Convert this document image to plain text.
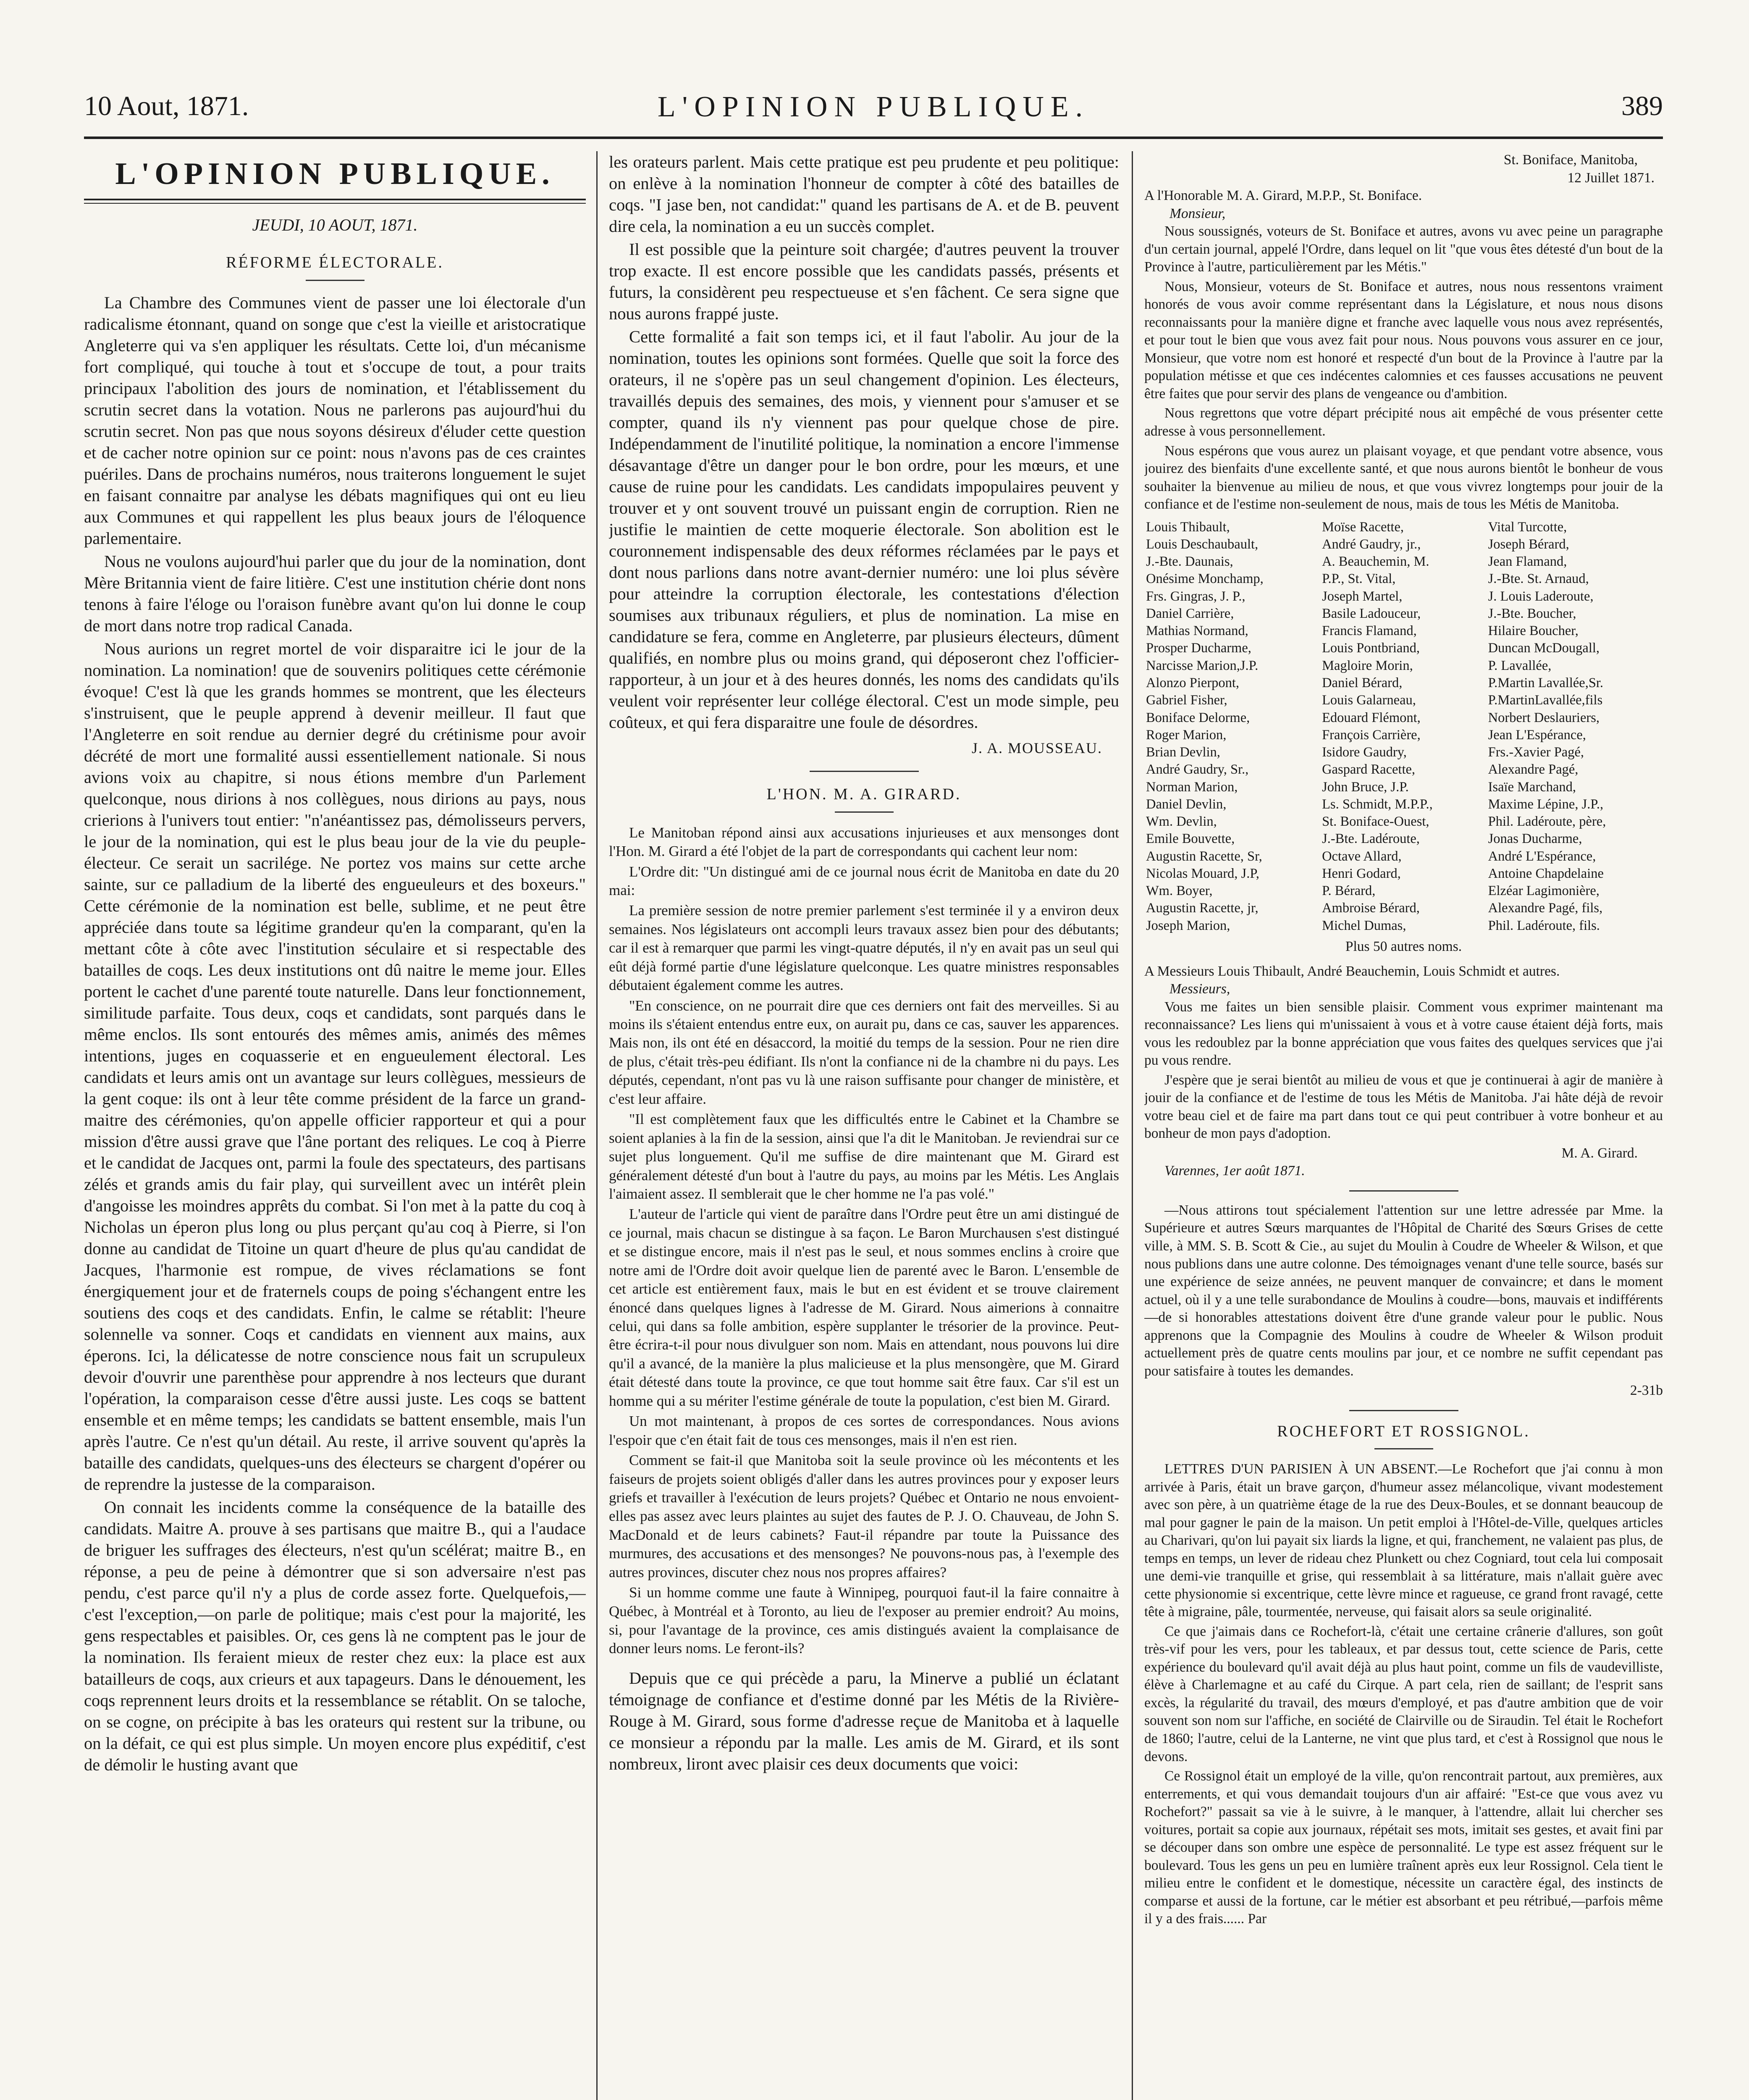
10 Aout, 1871.	L'OPINION PUBLIQUE.	389
L'OPINION PUBLIQUE.
JEUDI, 10 AOUT, 1871.
RÉFORME ÉLECTORALE.

La Chambre des Communes vient de passer une loi électorale d'un radicalisme étonnant, quand on songe que c'est la vieille et aristocratique Angleterre qui va s'en appliquer les résultats. Cette loi, d'un mécanisme fort compliqué, qui touche à tout et s'occupe de tout, a pour traits principaux l'abolition des jours de nomination, et l'établissement du scrutin secret dans la votation. Nous ne parlerons pas aujourd'hui du scrutin secret. Non pas que nous soyons désireux d'éluder cette question et de cacher notre opinion sur ce point: nous n'avons pas de ces craintes puériles. Dans de prochains numéros, nous traiterons longuement le sujet en faisant connaitre par analyse les débats magnifiques qui ont eu lieu aux Communes et qui rappellent les plus beaux jours de l'éloquence parlementaire.

Nous ne voulons aujourd'hui parler que du jour de la nomination, dont Mère Britannia vient de faire litière. C'est une institution chérie dont nons tenons à faire l'éloge ou l'oraison funèbre avant qu'on lui donne le coup de mort dans notre trop radical Canada.

Nous aurions un regret mortel de voir disparaitre ici le jour de la nomination. La nomination! que de souvenirs politiques cette cérémonie évoque! C'est là que les grands hommes se montrent, que les électeurs s'instruisent, que le peuple apprend à devenir meilleur. Il faut que l'Angleterre en soit rendue au dernier degré du crétinisme pour avoir décrété de mort une formalité aussi essentiellement nationale. Si nous avions voix au chapitre, si nous étions membre d'un Parlement quelconque, nous dirions à nos collègues, nous dirions au pays, nous crierions à l'univers tout entier: "n'anéantissez pas, démolisseurs pervers, le jour de la nomination, qui est le plus beau jour de la vie du peuple-électeur. Ce serait un sacrilége. Ne portez vos mains sur cette arche sainte, sur ce palladium de la liberté des engueuleurs et des boxeurs." Cette cérémonie de la nomination est belle, sublime, et ne peut être appréciée dans toute sa légitime grandeur qu'en la comparant, qu'en la mettant côte à côte avec l'institution séculaire et si respectable des batailles de coqs. Les deux institutions ont dû naitre le meme jour. Elles portent le cachet d'une parenté toute naturelle. Dans leur fonctionnement, similitude parfaite. Tous deux, coqs et candidats, sont parqués dans le même enclos. Ils sont entourés des mêmes amis, animés des mêmes intentions, juges en coquasserie et en engueulement électoral. Les candidats et leurs amis ont un avantage sur leurs collègues, messieurs de la gent coque: ils ont à leur tête comme président de la farce un grand-maitre des cérémonies, qu'on appelle officier rapporteur et qui a pour mission d'être aussi grave que l'âne portant des reliques. Le coq à Pierre et le candidat de Jacques ont, parmi la foule des spectateurs, des partisans zélés et grands amis du fair play, qui surveillent avec un intérêt plein d'angoisse les moindres apprêts du combat. Si l'on met à la patte du coq à Nicholas un éperon plus long ou plus perçant qu'au coq à Pierre, si l'on donne au candidat de Titoine un quart d'heure de plus qu'au candidat de Jacques, l'harmonie est rompue, de vives réclamations se font énergiquement jour et de fraternels coups de poing s'échangent entre les soutiens des coqs et des candidats. Enfin, le calme se rétablit: l'heure solennelle va sonner. Coqs et candidats en viennent aux mains, aux éperons. Ici, la délicatesse de notre conscience nous fait un scrupuleux devoir d'ouvrir une parenthèse pour apprendre à nos lecteurs que durant l'opération, la comparaison cesse d'être aussi juste. Les coqs se battent ensemble et en même temps; les candidats se battent ensemble, mais l'un après l'autre. Ce n'est qu'un détail. Au reste, il arrive souvent qu'après la bataille des candidats, quelques-uns des électeurs se chargent d'opérer ou de reprendre la justesse de la comparaison.

On connait les incidents comme la conséquence de la bataille des candidats. Maitre A. prouve à ses partisans que maitre B., qui a l'audace de briguer les suffrages des électeurs, n'est qu'un scélérat; maitre B., en réponse, a peu de peine à démontrer que si son adversaire n'est pas pendu, c'est parce qu'il n'y a plus de corde assez forte. Quelquefois,—c'est l'exception,—on parle de politique; mais c'est pour la majorité, les gens respectables et paisibles. Or, ces gens là ne comptent pas le jour de la nomination. Ils feraient mieux de rester chez eux: la place est aux batailleurs de coqs, aux crieurs et aux tapageurs. Dans le dénouement, les coqs reprennent leurs droits et la ressemblance se rétablit. On se taloche, on se cogne, on précipite à bas les orateurs qui restent sur la tribune, ou on la défait, ce qui est plus simple. Un moyen encore plus expéditif, c'est de démolir le husting avant que

les orateurs parlent. Mais cette pratique est peu prudente et peu politique: on enlève à la nomination l'honneur de compter à côté des batailles de coqs. "I jase ben, not candidat:" quand les partisans de A. et de B. peuvent dire cela, la nomination a eu un succès complet.

Il est possible que la peinture soit chargée; d'autres peuvent la trouver trop exacte. Il est encore possible que les candidats passés, présents et futurs, la considèrent peu respectueuse et s'en fâchent. Ce sera signe que nous aurons frappé juste.

Cette formalité a fait son temps ici, et il faut l'abolir. Au jour de la nomination, toutes les opinions sont formées. Quelle que soit la force des orateurs, il ne s'opère pas un seul changement d'opinion. Les électeurs, travaillés depuis des semaines, des mois, y viennent pour s'amuser et se compter, quand ils n'y viennent pas pour quelque chose de pire. Indépendamment de l'inutilité politique, la nomination a encore l'immense désavantage d'être un danger pour le bon ordre, pour les mœurs, et une cause de ruine pour les candidats. Les candidats impopulaires peuvent y trouver et y ont souvent trouvé un puissant engin de corruption. Rien ne justifie le maintien de cette moquerie électorale. Son abolition est le couronnement indispensable des deux réformes réclamées par le pays et dont nous parlions dans notre avant-dernier numéro: une loi plus sévère pour atteindre la corruption électorale, les contestations d'élection soumises aux tribunaux réguliers, et plus de nomination. La mise en candidature se fera, comme en Angleterre, par plusieurs électeurs, dûment qualifiés, en nombre plus ou moins grand, qui déposeront chez l'officier-rapporteur, à un jour et à des heures donnés, les noms des candidats qu'ils veulent voir représenter leur collége électoral. C'est un mode simple, peu coûteux, et qui fera disparaitre une foule de désordres.

J. A. MOUSSEAU.
L'HON. M. A. GIRARD.

Le Manitoban répond ainsi aux accusations injurieuses et aux mensonges dont l'Hon. M. Girard a été l'objet de la part de correspondants qui cachent leur nom:

L'Ordre dit: "Un distingué ami de ce journal nous écrit de Manitoba en date du 20 mai:

La première session de notre premier parlement s'est terminée il y a environ deux semaines. Nos législateurs ont accompli leurs travaux assez bien pour des débutants; car il est à remarquer que parmi les vingt-quatre députés, il n'y en avait pas un seul qui eût déjà formé partie d'une législature quelconque. Les quatre ministres responsables débutaient également comme les autres.

"En conscience, on ne pourrait dire que ces derniers ont fait des merveilles. Si au moins ils s'étaient entendus entre eux, on aurait pu, dans ce cas, sauver les apparences. Mais non, ils ont été en désaccord, la moitié du temps de la session. Pour ne rien dire de plus, c'était très-peu édifiant. Ils n'ont la confiance ni de la chambre ni du pays. Les députés, cependant, n'ont pas vu là une raison suffisante pour changer de ministère, et c'est leur affaire.

"Il est complètement faux que les difficultés entre le Cabinet et la Chambre se soient aplanies à la fin de la session, ainsi que l'a dit le Manitoban. Je reviendrai sur ce sujet plus longuement. Qu'il me suffise de dire maintenant que M. Girard est généralement détesté d'un bout à l'autre du pays, au moins par les Métis. Les Anglais l'aimaient assez. Il semblerait que le cher homme ne l'a pas volé."

L'auteur de l'article qui vient de paraître dans l'Ordre peut être un ami distingué de ce journal, mais chacun se distingue à sa façon. Le Baron Murchausen s'est distingué et se distingue encore, mais il n'est pas le seul, et nous sommes enclins à croire que notre ami de l'Ordre doit avoir quelque lien de parenté avec le Baron. L'ensemble de cet article est entièrement faux, mais le but en est évident et se trouve clairement énoncé dans quelques lignes à l'adresse de M. Girard. Nous aimerions à connaitre celui, qui dans sa folle ambition, espère supplanter le trésorier de la province. Peut-être écrira-t-il pour nous divulguer son nom. Mais en attendant, nous pouvons lui dire qu'il a avancé, de la manière la plus malicieuse et la plus mensongère, que M. Girard était détesté dans toute la province, ce que tout homme sait être faux. Car s'il est un homme qui a su mériter l'estime générale de toute la population, c'est bien M. Girard.

Un mot maintenant, à propos de ces sortes de correspondances. Nous avions l'espoir que c'en était fait de tous ces mensonges, mais il n'en est rien.

Comment se fait-il que Manitoba soit la seule province où les mécontents et les faiseurs de projets soient obligés d'aller dans les autres provinces pour y exposer leurs griefs et travailler à l'exécution de leurs projets? Québec et Ontario ne nous envoient-elles pas assez avec leurs plaintes au sujet des fautes de P. J. O. Chauveau, de John S. MacDonald et de leurs cabinets? Faut-il répandre par toute la Puissance des murmures, des accusations et des mensonges? Ne pouvons-nous pas, à l'exemple des autres provinces, discuter chez nous nos propres affaires?

Si un homme comme une faute à Winnipeg, pourquoi faut-il la faire connaitre à Québec, à Montréal et à Toronto, au lieu de l'exposer au premier endroit? Au moins, si, pour l'avantage de la province, ces amis distingués avaient la complaisance de donner leurs noms. Le feront-ils?

Depuis que ce qui précède a paru, la Minerve a publié un éclatant témoignage de confiance et d'estime donné par les Métis de la Rivière-Rouge à M. Girard, sous forme d'adresse reçue de Manitoba et à laquelle ce monsieur a répondu par la malle. Les amis de M. Girard, et ils sont nombreux, liront avec plaisir ces deux documents que voici:

St. Boniface, Manitoba,
12 Juillet 1871.
A l'Honorable M. A. Girard, M.P.P., St. Boniface.
Monsieur,

Nous soussignés, voteurs de St. Boniface et autres, avons vu avec peine un paragraphe d'un certain journal, appelé l'Ordre, dans lequel on lit "que vous êtes détesté d'un bout de la Province à l'autre, particulièrement par les Métis."

Nous, Monsieur, voteurs de St. Boniface et autres, nous nous ressentons vraiment honorés de vous avoir comme représentant dans la Législature, et nous nous disons reconnaissants pour la manière digne et franche avec laquelle vous nous avez représentés, et pour tout le bien que vous avez fait pour nous. Nous pouvons vous assurer en ce jour, Monsieur, que votre nom est honoré et respecté d'un bout de la Province à l'autre par la population métisse et que ces indécentes calomnies et ces fausses accusations ne peuvent être faites que pour servir des plans de vengeance ou d'ambition.

Nous regrettons que votre départ précipité nous ait empêché de vous présenter cette adresse à vous personnellement.

Nous espérons que vous aurez un plaisant voyage, et que pendant votre absence, vous jouirez des bienfaits d'une excellente santé, et que nous aurons bientôt le bonheur de vous souhaiter la bienvenue au milieu de nous, et que vous vivrez longtemps pour jouir de la confiance et de l'estime non-seulement de nous, mais de tous les Métis de Manitoba.

Louis Thibault,	Moïse Racette,	Vital Turcotte,
Louis Deschaubault,	André Gaudry, jr.,	Joseph Bérard,
J.-Bte. Daunais,	A. Beauchemin, M.	Jean Flamand,
Onésime Monchamp,	P.P., St. Vital,	J.-Bte. St. Arnaud,
Frs. Gingras, J. P.,	Joseph Martel,	J. Louis Laderoute,
Daniel Carrière,	Basile Ladouceur,	J.-Bte. Boucher,
Mathias Normand,	Francis Flamand,	Hilaire Boucher,
Prosper Ducharme,	Louis Pontbriand,	Duncan McDougall,
Narcisse Marion,J.P.	Magloire Morin,	P. Lavallée,
Alonzo Pierpont,	Daniel Bérard,	P.Martin Lavallée,Sr.
Gabriel Fisher,	Louis Galarneau,	P.MartinLavallée,fils
Boniface Delorme,	Edouard Flémont,	Norbert Deslauriers,
Roger Marion,	François Carrière,	Jean L'Espérance,
Brian Devlin,	Isidore Gaudry,	Frs.-Xavier Pagé,
André Gaudry, Sr.,	Gaspard Racette,	Alexandre Pagé,
Norman Marion,	John Bruce, J.P.	Isaïe Marchand,
Daniel Devlin,	Ls. Schmidt, M.P.P.,	Maxime Lépine, J.P.,
Wm. Devlin,	St. Boniface-Ouest,	Phil. Ladéroute, père,
Emile Bouvette,	J.-Bte. Ladéroute,	Jonas Ducharme,
Augustin Racette, Sr,	Octave Allard,	André L'Espérance,
Nicolas Mouard, J.P,	Henri Godard,	Antoine Chapdelaine
Wm. Boyer,	P. Bérard,	Elzéar Lagimonière,
Augustin Racette, jr,	Ambroise Bérard,	Alexandre Pagé, fils,
Joseph Marion,	Michel Dumas,	Phil. Ladéroute, fils.

Plus 50 autres noms.

A Messieurs Louis Thibault, André Beauchemin, Louis Schmidt et autres.
Messieurs,

Vous me faites un bien sensible plaisir. Comment vous exprimer maintenant ma reconnaissance? Les liens qui m'unissaient à vous et à votre cause étaient déjà forts, mais vous les redoublez par la bonne appréciation que vous faites des quelques services que j'ai pu vous rendre.

J'espère que je serai bientôt au milieu de vous et que je continuerai à agir de manière à jouir de la confiance et de l'estime de tous les Métis de Manitoba. J'ai hâte déjà de revoir votre beau ciel et de faire ma part dans tout ce qui peut contribuer à votre bonheur et au bonheur de mon pays d'adoption.

M. A. Girard.

Varennes, 1er août 1871.

—Nous attirons tout spécialement l'attention sur une lettre adressée par Mme. la Supérieure et autres Sœurs marquantes de l'Hôpital de Charité des Sœurs Grises de cette ville, à MM. S. B. Scott & Cie., au sujet du Moulin à Coudre de Wheeler & Wilson, et que nous publions dans une autre colonne. Des témoignages venant d'une telle source, basés sur une expérience de seize années, ne peuvent manquer de convaincre; et dans le moment actuel, où il y a une telle surabondance de Moulins à coudre—bons, mauvais et indifférents—de si honorables attestations doivent être d'une grande valeur pour le public. Nous apprenons que la Compagnie des Moulins à coudre de Wheeler & Wilson produit actuellement près de quatre cents moulins par jour, et ce nombre ne suffit cependant pas pour satisfaire à toutes les demandes.

2-31b
ROCHEFORT ET ROSSIGNOL.

LETTRES D'UN PARISIEN À UN ABSENT.—Le Rochefort que j'ai connu à mon arrivée à Paris, était un brave garçon, d'humeur assez mélancolique, vivant modestement avec son père, à un quatrième étage de la rue des Deux-Boules, et se donnant beaucoup de mal pour gagner le pain de la maison. Un petit emploi à l'Hôtel-de-Ville, quelques articles au Charivari, qu'on lui payait six liards la ligne, et qui, franchement, ne valaient pas plus, de temps en temps, un lever de rideau chez Plunkett ou chez Cogniard, tout cela lui composait une demi-vie tranquille et grise, qui ressemblait à sa littérature, mais n'allait guère avec cette physionomie si excentrique, cette lèvre mince et ragueuse, ce grand front ravagé, cette tête à migraine, pâle, tourmentée, nerveuse, qui faisait alors sa seule originalité.

Ce que j'aimais dans ce Rochefort-là, c'était une certaine crânerie d'allures, son goût très-vif pour les vers, pour les tableaux, et par dessus tout, cette science de Paris, cette expérience du boulevard qu'il avait déjà au plus haut point, comme un fils de vaudevilliste, élève à Charlemagne et au café du Cirque. A part cela, rien de saillant; de l'esprit sans excès, la régularité du travail, des mœurs d'employé, et pas d'autre ambition que de voir souvent son nom sur l'affiche, en société de Clairville ou de Siraudin. Tel était le Rochefort de 1860; l'autre, celui de la Lanterne, ne vint que plus tard, et c'est à Rossignol que nous le devons.

Ce Rossignol était un employé de la ville, qu'on rencontrait partout, aux premières, aux enterrements, et qui vous demandait toujours d'un air affairé: "Est-ce que vous avez vu Rochefort?" passait sa vie à le suivre, à le manquer, à l'attendre, allait lui chercher ses voitures, portait sa copie aux journaux, répétait ses mots, imitait ses gestes, et avait fini par se découper dans son ombre une espèce de personnalité. Le type est assez fréquent sur le boulevard. Tous les gens un peu en lumière traînent après eux leur Rossignol. Cela tient le milieu entre le confident et le domestique, nécessite un caractère égal, des instincts de comparse et aussi de la fortune, car le métier est absorbant et peu rétribué,—parfois même il y a des frais...... Par
